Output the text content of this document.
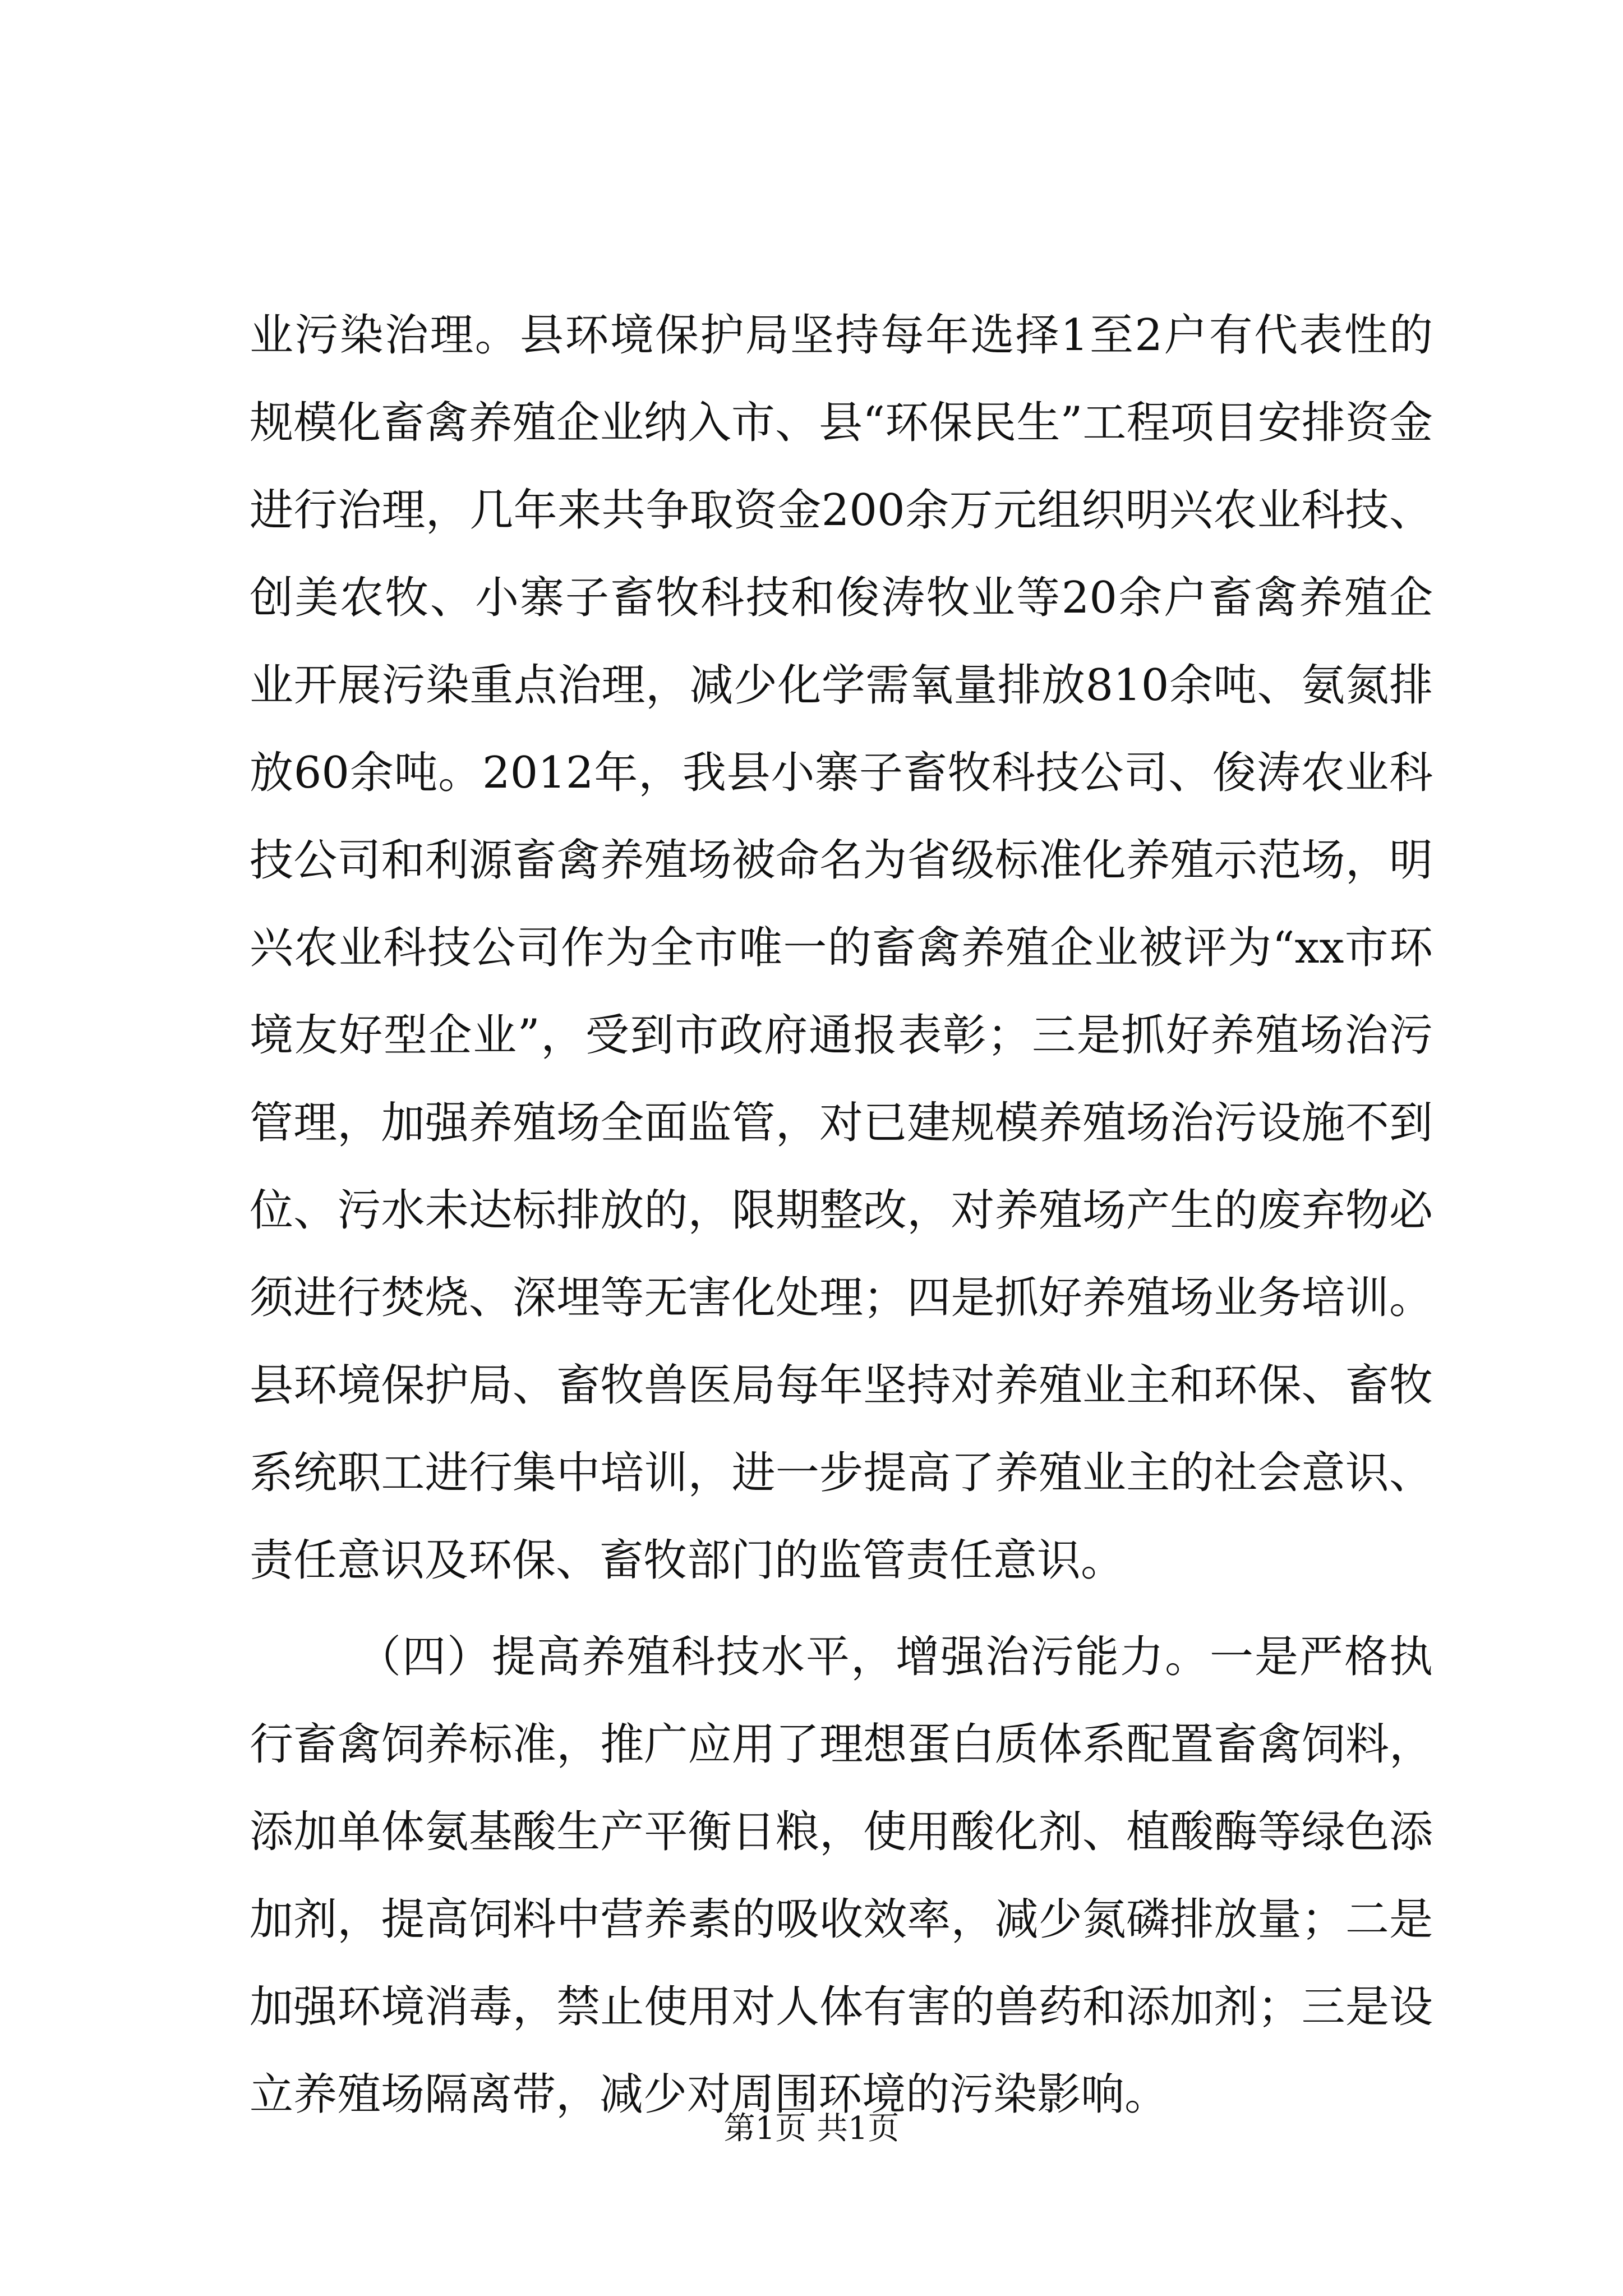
业污染治理。县环境保护局坚持每年选择1至2户有代表性的规模化畜禽养殖企业纳入市、县“环保民生”工程项目安排资金进行治理，几年来共争取资金200余万元组织明兴农业科技、创美农牧、小寨子畜牧科技和俊涛牧业等20余户畜禽养殖企业开展污染重点治理，减少化学需氧量排放810余吨、氨氮排放60余吨。2012年，我县小寨子畜牧科技公司、俊涛农业科技公司和利源畜禽养殖场被命名为省级标准化养殖示范场，明兴农业科技公司作为全市唯一的畜禽养殖企业被评为“xx市环境友好型企业”，受到市政府通报表彰；三是抓好养殖场治污管理，加强养殖场全面监管，对已建规模养殖场治污设施不到位、污水未达标排放的，限期整改，对养殖场产生的废弃物必须进行焚烧、深埋等无害化处理；四是抓好养殖场业务培训。县环境保护局、畜牧兽医局每年坚持对养殖业主和环保、畜牧系统职工进行集中培训，进一步提高了养殖业主的社会意识、责任意识及环保、畜牧部门的监管责任意识。

（四）提高养殖科技水平，增强治污能力。一是严格执行畜禽饲养标准，推广应用了理想蛋白质体系配置畜禽饲料，添加单体氨基酸生产平衡日粮，使用酸化剂、植酸酶等绿色添加剂，提高饲料中营养素的吸收效率，减少氮磷排放量；二是加强环境消毒，禁止使用对人体有害的兽药和添加剂；三是设立养殖场隔离带，减少对周围环境的污染影响。

第1页 共1页
